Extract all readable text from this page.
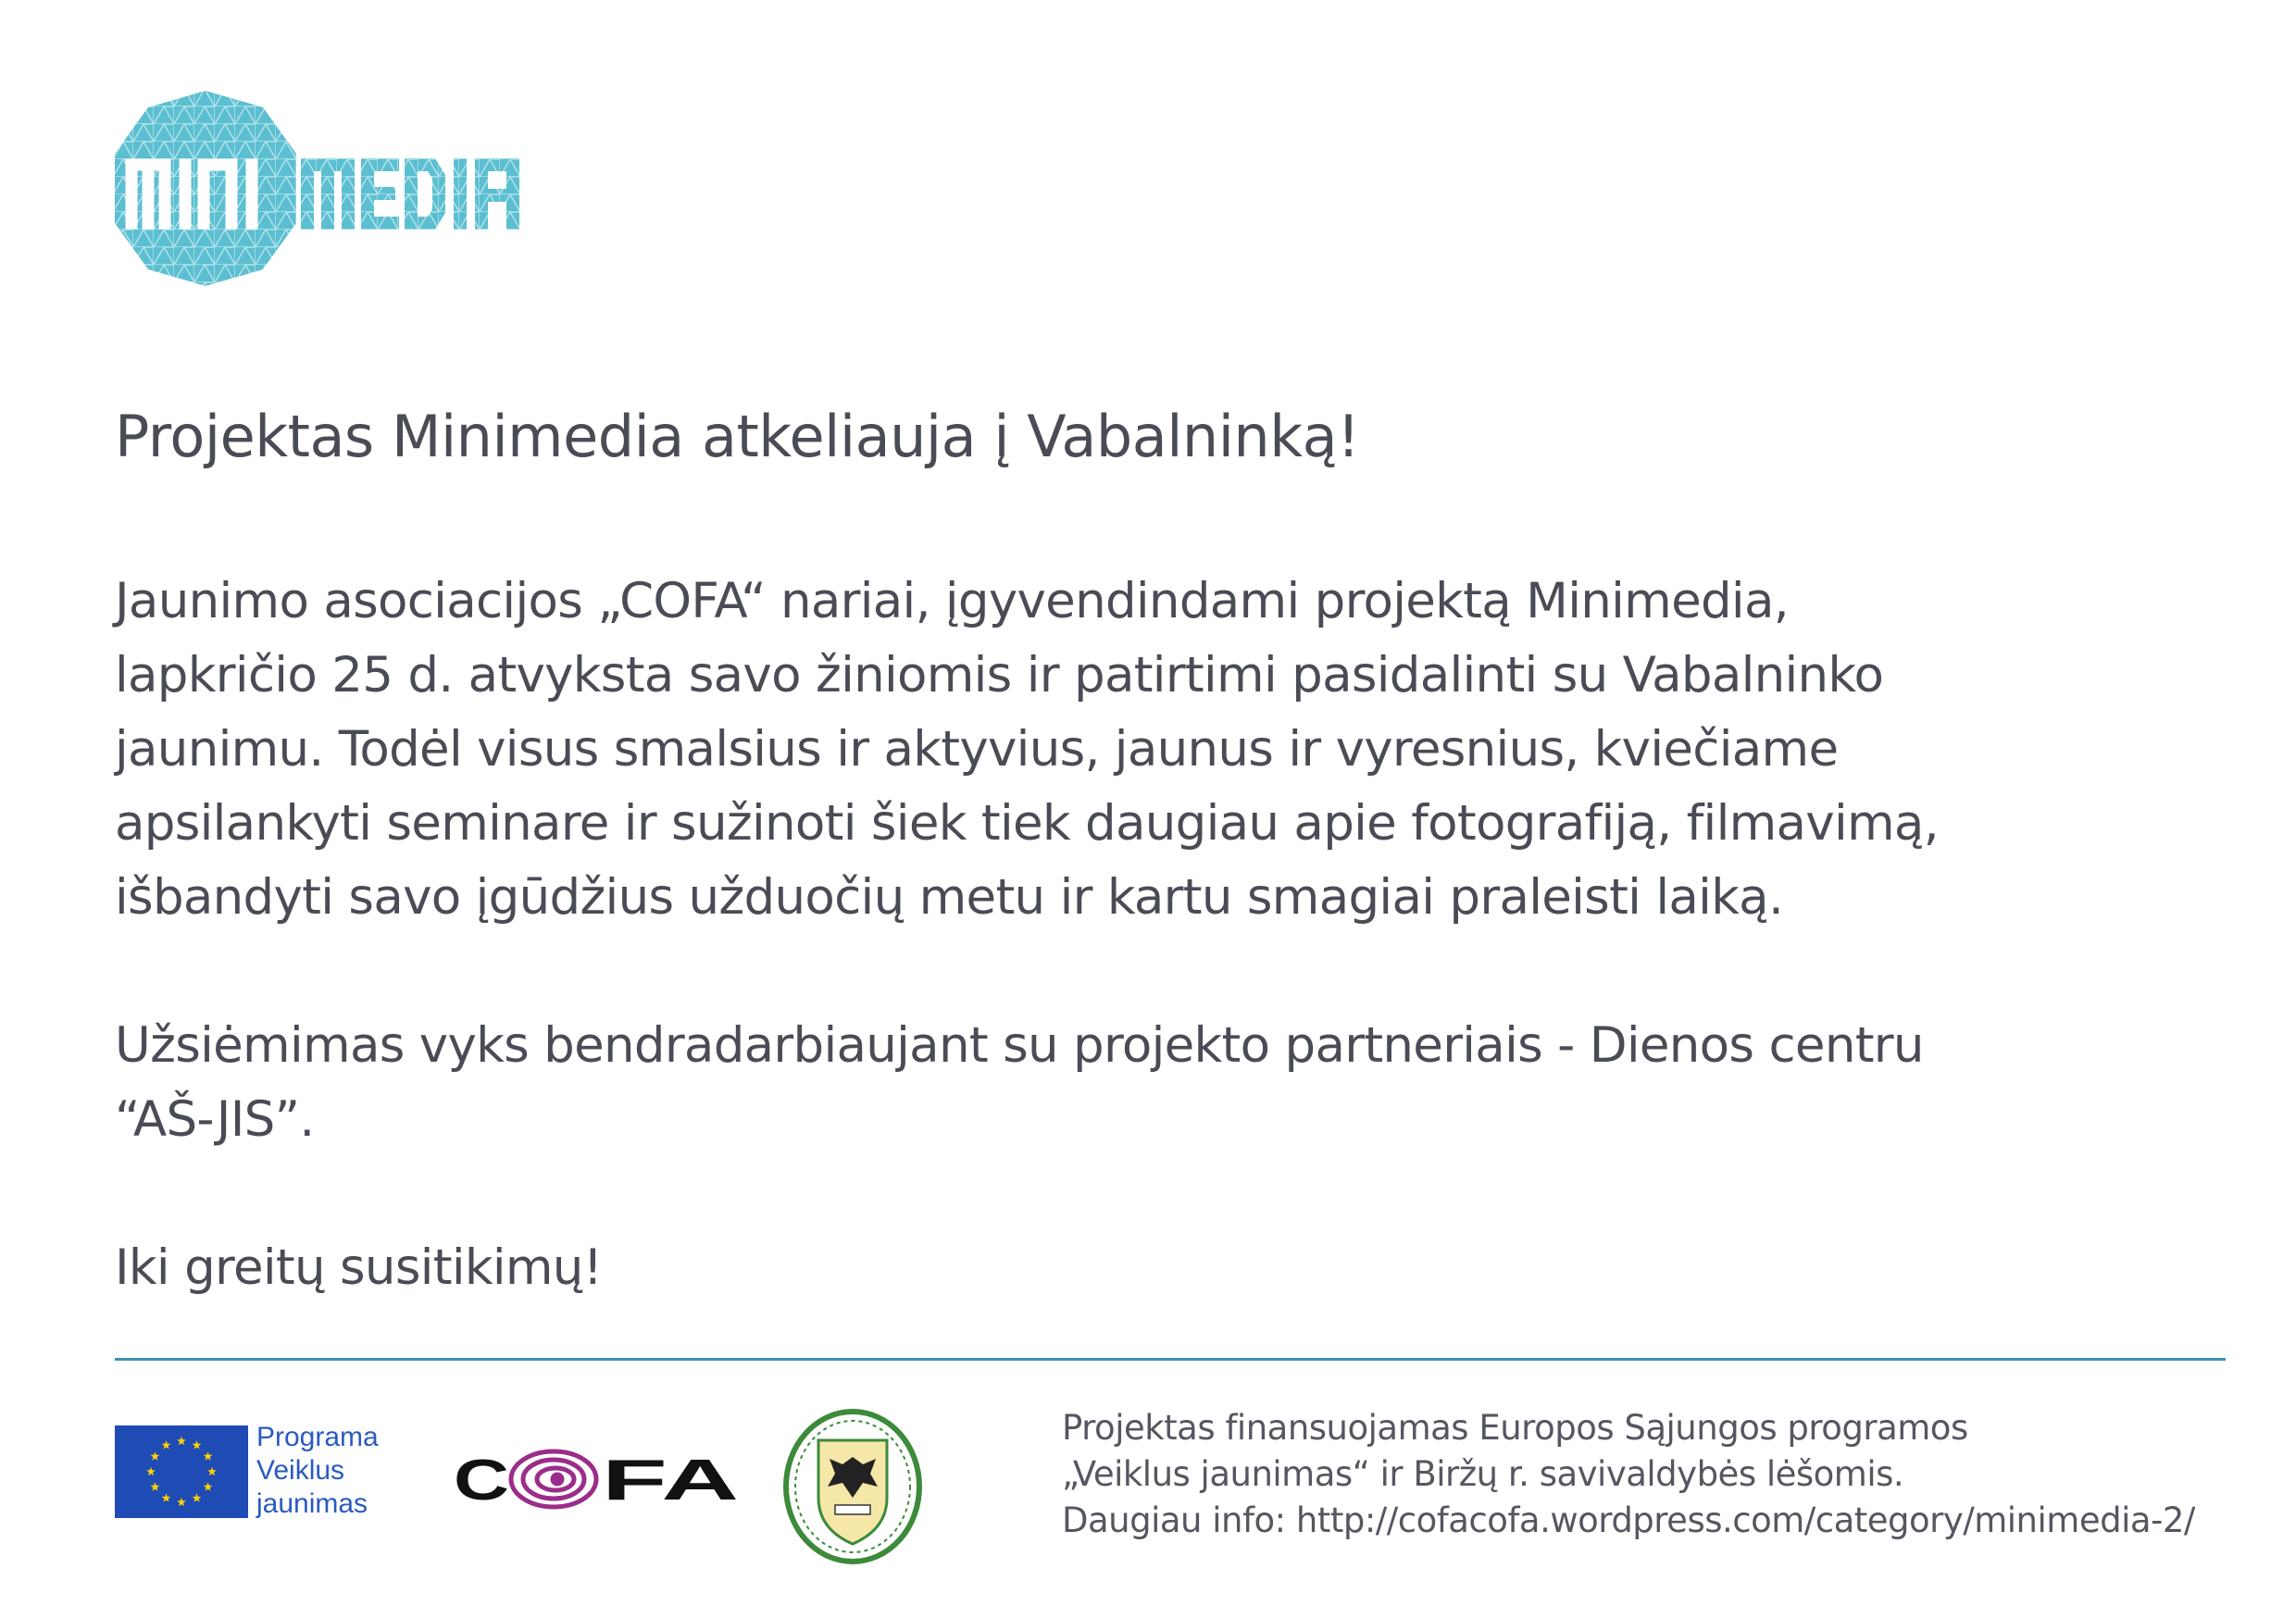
Projektas Minimedia atkeliauja į Vabalninką!

Jaunimo asociacijos „COFA“ nariai, įgyvendindami projektą Minimedia,
lapkričio 25 d. atvyksta savo žiniomis ir patirtimi pasidalinti su Vabalninko
jaunimu. Todėl visus smalsius ir aktyvius, jaunus ir vyresnius, kviečiame
apsilankyti seminare ir sužinoti šiek tiek daugiau apie fotografiją, filmavimą,
išbandyti savo įgūdžius užduočių metu ir kartu smagiai praleisti laiką.

Užsiėmimas vyks bendradarbiaujant su projekto partneriais - Dienos centru
“AŠ-JIS”.

Iki greitų susitikimų!

Programa
Veiklus
jaunimas C FA
Projektas finansuojamas Europos Sąjungos programos
„Veiklus jaunimas“ ir Biržų r. savivaldybės lėšomis.
Daugiau info: http://cofacofa.wordpress.com/category/minimedia-2/
